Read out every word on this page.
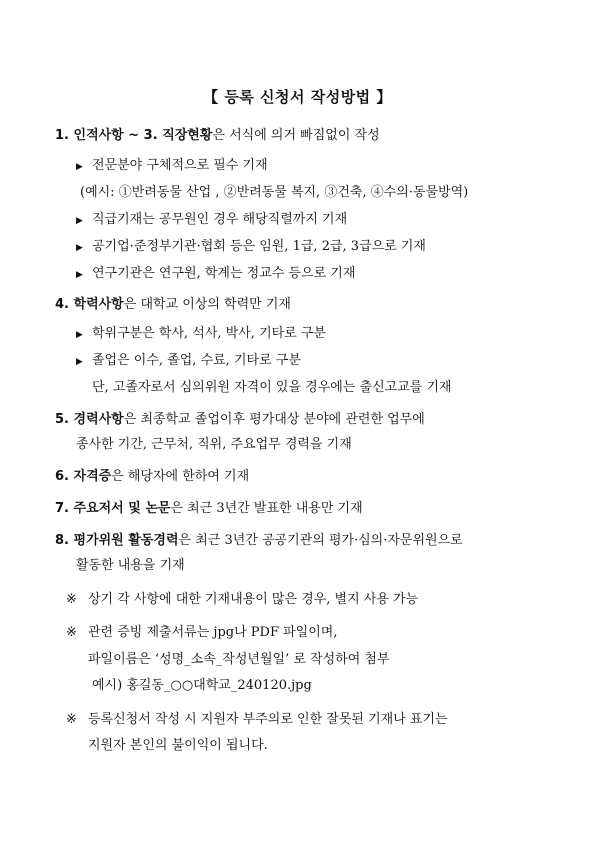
【 등록 신청서 작성방법 】
1. 인적사항 ~ 3. 직장현황은 서식에 의거 빠짐없이 작성
▶ 전문분야 구체적으로 필수 기재
(예시: ①반려동물 산업 , ②반려동물 복지, ③건축, ④수의·동물방역)
▶ 직급기재는 공무원인 경우 해당직렬까지 기재
▶ 공기업·준정부기관·협회 등은 임원, 1급, 2급, 3급으로 기재
▶ 연구기관은 연구원, 학계는 정교수 등으로 기재
4. 학력사항은 대학교 이상의 학력만 기재
▶ 학위구분은 학사, 석사, 박사, 기타로 구분
▶ 졸업은 이수, 졸업, 수료, 기타로 구분
단, 고졸자로서 심의위원 자격이 있을 경우에는 출신고교를 기재
5. 경력사항은 최종학교 졸업이후 평가대상 분야에 관련한 업무에
종사한 기간, 근무처, 직위, 주요업무 경력을 기재
6. 자격증은 해당자에 한하여 기재
7. 주요저서 및 논문은 최근 3년간 발표한 내용만 기재
8. 평가위원 활동경력은 최근 3년간 공공기관의 평가·심의·자문위원으로
활동한 내용을 기재
※ 상기 각 사항에 대한 기재내용이 많은 경우, 별지 사용 가능
※ 관련 증빙 제출서류는 jpg나 PDF 파일이며,
파일이름은 ‘성명_소속_작성년월일’ 로 작성하여 첨부
예시) 홍길동_○○대학교_240120.jpg
※ 등록신청서 작성 시 지원자 부주의로 인한 잘못된 기재나 표기는
지원자 본인의 불이익이 됩니다.
